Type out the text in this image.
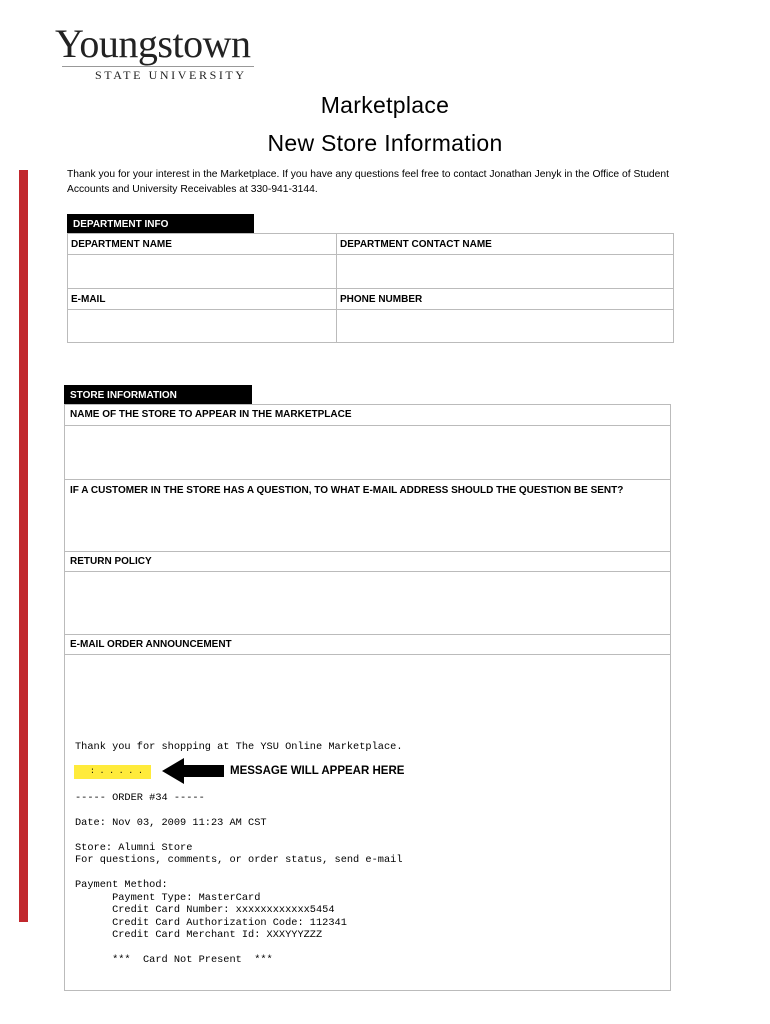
Youngstown
STATE UNIVERSITY
Marketplace
New Store Information
Thank you for your interest in the Marketplace. If you have any questions feel free to contact Jonathan Jenyk in the Office of Student Accounts and University Receivables at 330-941-3144.
DEPARTMENT INFO
DEPARTMENT NAME	DEPARTMENT CONTACT NAME

E-MAIL	PHONE NUMBER

STORE INFORMATION
NAME OF THE STORE TO APPEAR IN THE MARKETPLACE
IF A CUSTOMER IN THE STORE HAS A QUESTION, TO WHAT E-MAIL ADDRESS SHOULD THE QUESTION BE SENT?
RETURN POLICY
E-MAIL ORDER ANNOUNCEMENT
Thank you for shopping at The YSU Online Marketplace.
: . . . . .	MESSAGE WILL APPEAR HERE
----- ORDER #34 -----
Date: Nov 03, 2009 11:23 AM CST
Store: Alumni Store
For questions, comments, or order status, send e-mail
Payment Method:
Payment Type: MasterCard
Credit Card Number: xxxxxxxxxxxx5454
Credit Card Authorization Code: 112341
Credit Card Merchant Id: XXXYYYZZZ
***  Card Not Present  ***
